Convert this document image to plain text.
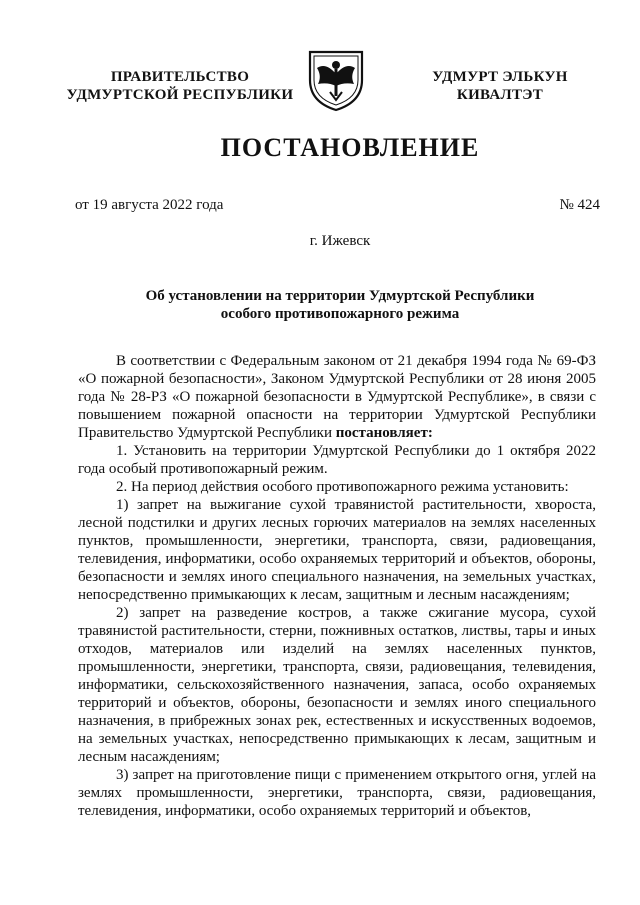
ПРАВИТЕЛЬСТВО
УДМУРТСКОЙ РЕСПУБЛИКИ
УДМУРТ ЭЛЬКУН
КИВАЛТЭТ
ПОСТАНОВЛЕНИЕ
от 19 августа 2022 года	№ 424
г. Ижевск
Об установлении на территории Удмуртской Республики
особого противопожарного режима

В соответствии с Федеральным законом от 21 декабря 1994 года № 69-ФЗ «О пожарной безопасности», Законом Удмуртской Республики от 28 июня 2005 года № 28-РЗ «О пожарной безопасности в Удмуртской Республике», в связи с повышением пожарной опасности на территории Удмуртской Республики Правительство Удмуртской Республики постановляет:

1. Установить на территории Удмуртской Республики до 1 октября 2022 года особый противопожарный режим.

2. На период действия особого противопожарного режима установить:

1) запрет на выжигание сухой травянистой растительности, хвороста, лесной подстилки и других лесных горючих материалов на землях населенных пунктов, промышленности, энергетики, транспорта, связи, радиовещания, телевидения, информатики, особо охраняемых территорий и объектов, обороны, безопасности и землях иного специального назначения, на земельных участках, непосредственно примыкающих к лесам, защитным и лесным насаждениям;

2) запрет на разведение костров, а также сжигание мусора, сухой травянистой растительности, стерни, пожнивных остатков, листвы, тары и иных отходов, материалов или изделий на землях населенных пунктов, промышленности, энергетики, транспорта, связи, радиовещания, телевидения, информатики, сельскохозяйственного назначения, запаса, особо охраняемых территорий и объектов, обороны, безопасности и землях иного специального назначения, в прибрежных зонах рек, естественных и искусственных водоемов, на земельных участках, непосредственно примыкающих к лесам, защитным и лесным насаждениям;

3) запрет на приготовление пищи с применением открытого огня, углей на землях промышленности, энергетики, транспорта, связи, радиовещания, телевидения, информатики, особо охраняемых территорий и объектов,
